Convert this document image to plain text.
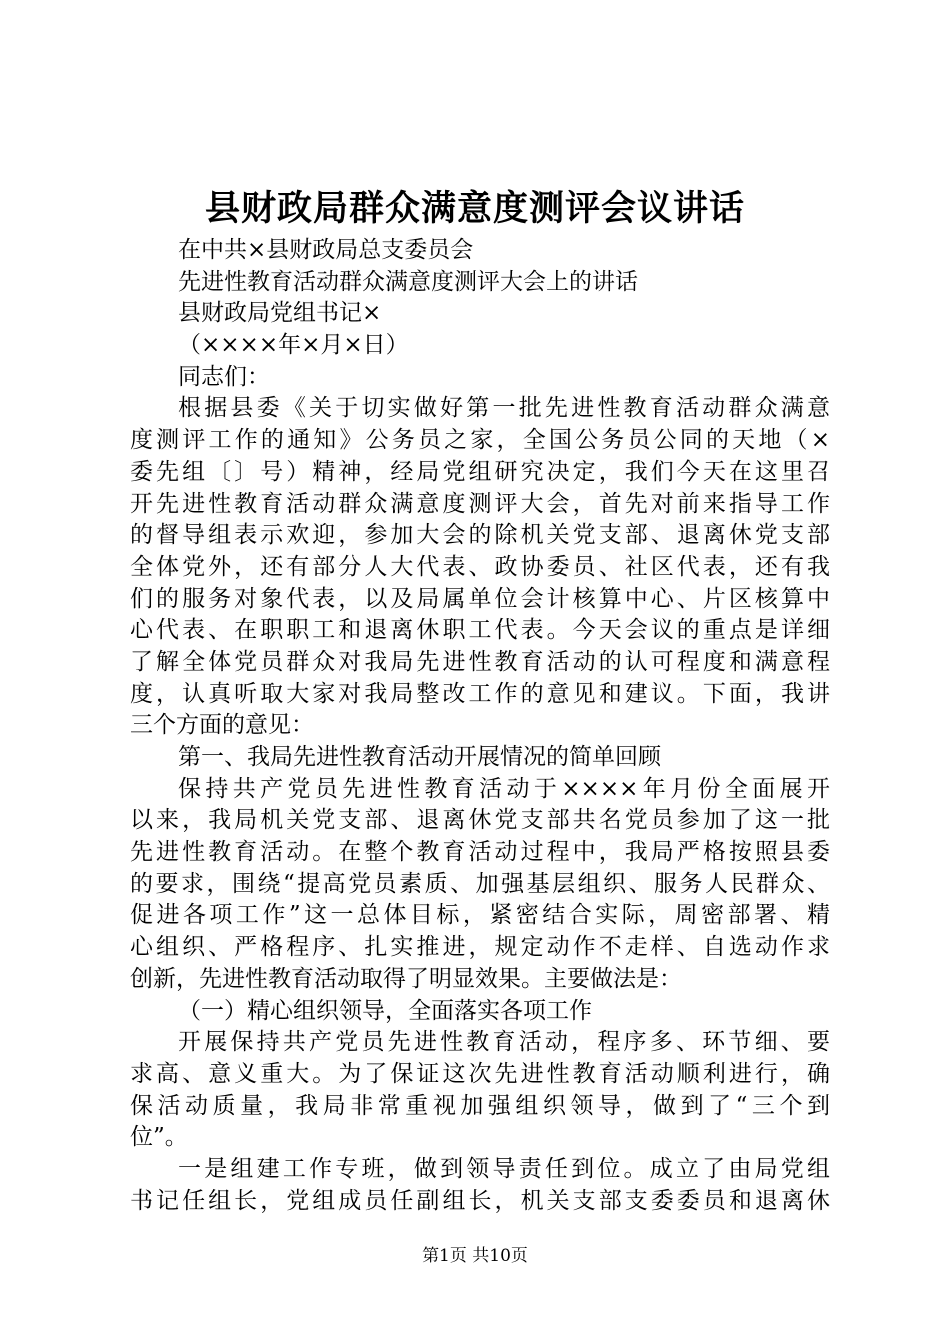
县财政局群众满意度测评会议讲话
在中共×县财政局总支委员会
先进性教育活动群众满意度测评大会上的讲话
县财政局党组书记×
（××××年×月×日）
同志们：
根据县委《关于切实做好第一批先进性教育活动群众满意
度测评工作的通知》公务员之家，全国公务员公同的天地（×
委先组〔〕号）精神，经局党组研究决定，我们今天在这里召
开先进性教育活动群众满意度测评大会，首先对前来指导工作
的督导组表示欢迎，参加大会的除机关党支部、退离休党支部
全体党外，还有部分人大代表、政协委员、社区代表，还有我
们的服务对象代表，以及局属单位会计核算中心、片区核算中
心代表、在职职工和退离休职工代表。今天会议的重点是详细
了解全体党员群众对我局先进性教育活动的认可程度和满意程
度，认真听取大家对我局整改工作的意见和建议。下面，我讲
三个方面的意见：
第一、我局先进性教育活动开展情况的简单回顾
保持共产党员先进性教育活动于××××年月份全面展开
以来，我局机关党支部、退离休党支部共名党员参加了这一批
先进性教育活动。在整个教育活动过程中，我局严格按照县委
的要求，围绕“提高党员素质、加强基层组织、服务人民群众、
促进各项工作”这一总体目标，紧密结合实际，周密部署、精
心组织、严格程序、扎实推进，规定动作不走样、自选动作求
创新，先进性教育活动取得了明显效果。主要做法是：
（一）精心组织领导，全面落实各项工作
开展保持共产党员先进性教育活动，程序多、环节细、要
求高、意义重大。为了保证这次先进性教育活动顺利进行，确
保活动质量，我局非常重视加强组织领导，做到了“三个到
位”。
一是组建工作专班，做到领导责任到位。成立了由局党组
书记任组长，党组成员任副组长，机关支部支委委员和退离休
第1页 共10页
